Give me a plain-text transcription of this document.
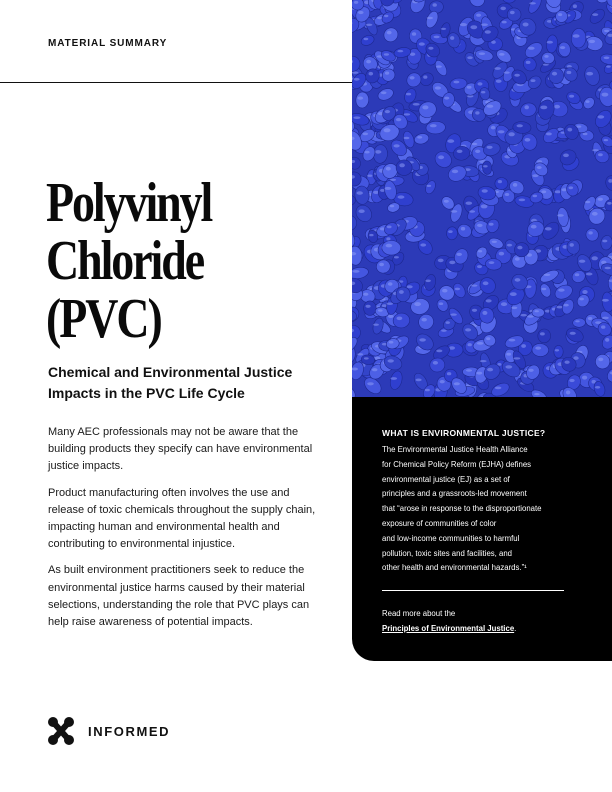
MATERIAL SUMMARY
Polyvinyl
Chloride
(PVC)
Chemical and Environmental Justice
Impacts in the PVC Life Cycle

Many AEC professionals may not be aware that the building products they specify can have environmental justice impacts.

Product manufacturing often involves the use and release of toxic chemicals throughout the supply chain, impacting human and environmental health and contributing to environmental injustice.

As built environment practitioners seek to reduce the environmental justice harms caused by their material selections, understanding the role that PVC plays can help raise awareness of potential impacts.

WHAT IS ENVIRONMENTAL JUSTICE?
The Environmental Justice Health Alliance
for Chemical Policy Reform (EJHA) defines
environmental justice (EJ) as a set of
principles and a grassroots-led movement
that “arose in response to the disproportionate
exposure of communities of color
and low-income communities to harmful
pollution, toxic sites and facilities, and
other health and environmental hazards.”¹
Read more about the
Principles of Environmental Justice.
INFORMED
